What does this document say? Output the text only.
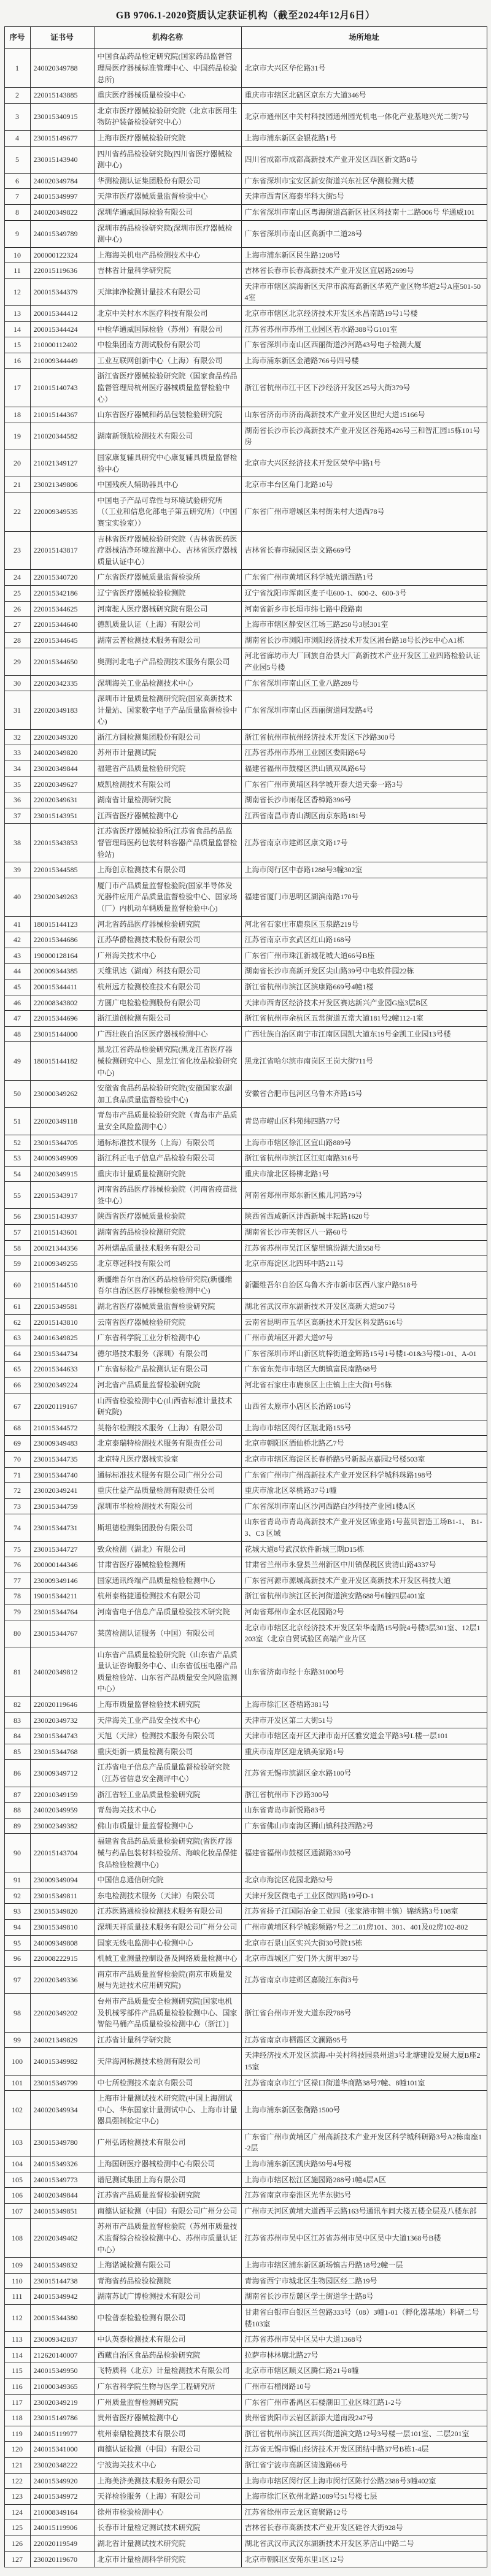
GB 9706.1-2020资质认定获证机构（截至2024年12月6日）
序号	证书号	机构名称	场所地址
1	240020349788	中国食品药品检定研究院(国家药品监督管理局医疗器械标准管理中心、中国药品检验总所)	北京市大兴区华佗路31号
2	220015143885	重庆医疗器械质量检验中心	重庆市市辖区北碚区京东方大道346号
3	230015340915	北京市医疗器械检验研究院（北京市医用生物防护装备检验研究中心）	北京市通州区中关村科技园通州园光机电一体化产业基地兴光二街7号
4	230015149677	上海市医疗器械检验研究院	上海市浦东新区金银花路1号
5	230015143940	四川省药品检验研究院(四川省医疗器械检测中心)	四川省成都市成都高新技术产业开发区西区新文路8号
6	240020349784	华测检测认证集团股份有限公司	广东省深圳市宝安区新安街道兴东社区华测检测大楼
7	240015349997	天津市医疗器械质量监督检验中心	天津市西青区海泰华科大街5号
8	240020349822	深圳华通威国际检验有限公司	广东省深圳市南山区粤海街道高新区社区科技南十二路006号 华通威101
9	240015349789	深圳市药品检验研究院(深圳市医疗器械检测中心)	广东省深圳市南山区高新中二道28号
10	200000122324	上海海关机电产品检测技术中心	上海市浦东新区民生路1208号
11	220015119636	吉林省计量科学研究院	吉林省长春市长春高新技术产业开发区宜居路2699号
12	200015344379	天津津净检测计量技术有限公司	天津市市辖区滨海新区天津市滨海高新区华苑产业区物华道2号A座501-504室
13	200015344412	北京中关村水木医疗科技有限公司	北京市市辖区北京经济技术开发区永昌南路19号1号楼
14	200015344424	中检华通威国际检验（苏州）有限公司	江苏省苏州市苏州工业园区若水路388号G101室
15	210000112402	中检集团南方测试股份有限公司	广东省深圳市南山区西丽街道沙河路43号电子检测大厦
16	210009344449	工业互联网创新中心（上海）有限公司	上海市浦东新区金港路766号四号楼
17	210015140743	浙江省医疗器械检验研究院（国家食品药品监督管理局杭州医疗器械质量监督检验中心）	浙江省杭州市江干区下沙经济开发区25号大街379号
18	210015144367	山东省医疗器械和药品包装检验研究院	山东省济南市济南高新技术产业开发区世纪大道15166号
19	210020344582	湖南新领航检测技术有限公司	湖南省长沙市长沙高新技术产业开发区谷苑路426号三和智汇园15栋101号房
20	210021349127	国家康复辅具研究中心康复辅具质量监督检验中心	北京市大兴区经济技术开发区荣华中路1号
21	230021349806	中国残疾人辅助器具中心	北京市丰台区角门北路10号
22	220009349535	中国电子产品可靠性与环境试验研究所（（工业和信息化部电子第五研究所）（中国赛宝实验室））	广东省广州市增城区朱村街朱村大道西78号
23	220015143817	吉林省医疗器械检验研究院（吉林省医药医疗器械洁净环境监测中心、吉林省医疗器械质量认证中心）	吉林省长春市绿园区崇文路669号
24	220015340720	广东省医疗器械质量监督检验所	广东省广州市黄埔区科学城光谱西路1号
25	220015342186	辽宁省医疗器械检验检测院	辽宁省沈阳市浑南区麦子屯600-1、600-2、600-3号
26	220015344625	河南驼人医疗器械研究院有限公司	河南省新乡市长垣市纬七路中段路南
27	220015344640	德凯质量认证（上海）有限公司	上海市市辖区静安区江场三路250号3层301室
28	220015344645	湖南云普检测技术服务有限公司	湖南省长沙市浏阳市浏阳经济技术开发区湘台路18号长沙E中心A1栋
29	220015344650	奥测河北电子产品检测技术服务有限公司	河北省廊坊市大厂回族自治县大厂高新技术产业开发区工业四路检验认证产业园5号楼
30	220020342335	深圳海关工业品检测技术中心	广东省深圳市南山区工业八路289号
31	220020349183	深圳市计量质量检测研究院(国家高新技术计量站、国家数字电子产品质量监督检验中心)	广东省深圳市南山区西丽街道同发路4号
32	220020349320	浙江方圆检测集团股份有限公司	浙江省杭州市杭州经济技术开发区下沙路300号
33	240020349820	苏州市计量测试院	江苏省苏州市苏州工业园区娄阳路6号
34	230020349844	福建省产品质量检验研究院	福建省福州市鼓楼区洪山镇双凤路6号
35	220020349627	威凯检测技术有限公司	广东省广州市黄埔区科学城开泰大道天泰一路3号
36	220020349631	湖南省计量检测研究院	湖南省长沙市雨花区香樟路396号
37	230015143951	江西省医疗器械检测中心	江西省南昌市青山湖区南京东路181号
38	220015343853	江苏省医疗器械检验所(江苏省食品药品监督管理局医药包装材料容器产品质量监督检验站)	江苏省南京市建邺区康文路17号
39	220015344585	上海创京检测技术有限公司	上海市闵行区中春路1288号3幢302室
40	230020349263	厦门市产品质量监督检验院(国家半导体发光器件应用产品质量监督检验中心、国家场（厂）内机动车辆质量监督检验中心)	福建省厦门市思明区湖滨南路170号
41	180015144123	河北省药品医疗器械检验研究院	河北省石家庄市鹿泉区玉泉路219号
42	220015344686	江苏华爵检测技术股份有限公司	江苏省南京市玄武区红山路168号
43	190000128164	广州海关技术中心	广东省广州市珠江新城花城大道66号B座
44	200009344385	天维讯达（湖南）科技有限公司	湖南省长沙市高新开发区尖山路39号中电软件园22栋
45	200015344411	杭州远方检测校准技术有限公司	浙江省杭州市滨江区滨康路669号4幢1楼
46	220008343802	方圆广电检验检测股份有限公司	天津市西青区经济技术开发区赛达新兴产业园G座3层B区
47	220015344696	浙江道创检测有限公司	浙江省杭州市余杭区五常街道五常大道181号2幢112-1室
48	230015144000	广西壮族自治区医疗器械检测中心	广西壮族自治区南宁市江南区国凯大道东19号金凯工业园13号楼
49	180015144182	黑龙江省药品检验研究院(黑龙江省医疗器械检测研究中心、黑龙江省化妆品检验研究中心)	黑龙江省哈尔滨市南岗区王岗大街711号
50	230000349262	安徽省食品药品检验研究院(安徽国家农副加工食品质量监督检验中心)	安徽省合肥市包河区乌鲁木齐路15号
51	220020349118	青岛市产品质量检验研究院（青岛市产品质量安全风险监测中心）	青岛市崂山区科苑纬四路77号
52	230015344705	通标标准技术服务（上海）有限公司	上海市市辖区徐汇区宜山路889号
53	240009349909	浙江科正电子信息产品检验有限公司	浙江省杭州市滨江区江虹南路316号
54	240020349915	重庆市计量质量检测研究院	重庆市渝北区杨柳北路1号
55	220015343917	河南省药品医疗器械检验院（河南省疫苗批签中心）	河南省郑州市郑东新区熊儿河路79号
56	230015143937	陕西省医疗器械质量检验院	陕西省西咸新区沣西新城丰耘路1620号
57	210015143601	湖南省药品检验检测研究院	湖南省长沙市芙蓉区八一路60号
58	200021344356	苏州熠品质量技术服务有限公司	江苏省苏州市吴江区黎里镇汾湖大道558号
59	210009349255	北京尊冠科技有限公司	北京市海淀区北四环中路211号
60	210015144510	新疆维吾尔自治区药品检验研究院(新疆维吾尔自治区医疗器械检验检测中心)	新疆维吾尔自治区乌鲁木齐市新市区西八家户路518号
61	220015349581	湖北省医疗器械质量监督检验研究院	湖北省武汉市东湖新技术开发区高新大道507号
62	220015143810	云南省医疗器械检验研究院	云南省昆明市五华区高新技术开发区科发路616号
63	240016349825	广东省科学院工业分析检测中心	广州市黄埔区开源大道97号
64	230015344734	德尔塔技术服务（深圳）有限公司	广东省深圳市坪山新区坑梓街道金辉路15号1号楼1-01&3号楼1-01、A-01
65	220015344633	广东省标检产品检测认证有限公司	广东省东莞市市辖区大朗镇富民南路68号
66	230020349224	河北省产品质量监督检验研究院	河北省石家庄市鹿泉区上庄镇上庄大街1号5栋
67	220020119167	山西省检验检测中心(山西省标准计量技术研究院)	山西省太原市小店区长治路106号
68	210015344572	英格尔检测技术服务（上海）有限公司	上海市市辖区闵行区瓶北路155号
69	230009349483	北京泰瑞特检测技术服务有限责任公司	北京市朝阳区酒仙桥北路乙7号
70	230015344735	北京特凡医疗器械实验室	北京市市辖区海淀区长春桥路5号新起点嘉园2号楼503室
71	230015344740	通标标准技术服务有限公司广州分公司	广东省广州市广州高新技术产业开发区科学城科珠路198号
72	230020349241	重庆仕益产品质量检测有限责任公司	重庆市渝北区翠桃路37号1幢
73	230015344759	深圳市华检检测技术有限公司	广东省深圳市南山区沙河西路白沙科技产业园1楼A区
74	230015344731	斯坦德检测集团股份有限公司	山东省青岛市青岛高新技术产业开发区锦业路1号蓝贝智造工场B1-1、 B1-3、C3 区域
75	230015344727	致众检测（湖北）有限公司	花城大道8号武汉软件新城三期D15栋
76	200000144346	甘肃省医疗器械检验检测所	甘肃省兰州市永登县兰州新区中川镇保税区贵清山路4337号
77	230009349146	国家通讯终端产品质量检验检测中心	广东省河源市源城高新技术产业开发区高新技术开发区科技大道
78	190015344211	杭州泰格捷通检测技术有限公司	浙江省杭州市滨江区长河街道滨安路688号6幢四层401室
79	230015344764	河南省电子信息产品质量检验技术研究院	河南省郑州市金水区花园路2号
80	230015344767	莱茵检测认证服务（中国）有限公司	北京市市辖区北京经济技术开发区荣华南路15号院4号楼3层301室、12层1203室（北京自贸试验区高端产业片区
81	240020349812	山东省产品质量检验研究院（山东省产品质量认证咨询服务中心、山东省低压电器产品质量检验站、山东省产品质量安全风险监测中心）	山东省济南市经十东路31000号
82	220020119646	上海市质量监督检验技术研究院	上海市徐汇区苍梧路381号
83	230020349732	天津海关工业产品安全技术中心	天津市开发区第二大街51号
84	230015344743	天旭（天津）检测技术服务有限公司	天津市市辖区南开区天津市南开区雅安道金平路3号L楼一层101
85	230015344768	重庆炬新一质量检测有限公司	重庆市南岸区迎龙镇美家路1号
86	230009349712	江苏省电子信息产品质量监督检验研究院（江苏省信息安全测评中心）	江苏省无锡市滨湖区金水路100号
87	220010349159	浙江省轻工业品质量检验研究院	浙江省杭州市下沙路300号
88	240020349959	青岛海关技术中心	山东省青岛市新悦路83号
89	230002349382	佛山市质量计量监督检测中心	广东省佛山市南海区狮山镇科技西路2号
90	220015143704	福建省食品药品质量检验研究院(省医疗器械与药品包装材料检验所、海峡化妆品保健食品检验检测中心)	福建省福州市鼓楼区通湖路330号
91	230009349094	中国信息通信研究院	北京市海淀区花园北路52号
92	230015349811	东电检测技术服务（天津）有限公司	天津开发区微电子工业区微四路19号D-1
93	230015349820	江苏医路通检验检测技术服务有限公司	江苏省扬子江国际冶金工业园（张家港市锦丰镇）锦绣路3号108室
94	230015349810	深圳天祥质量技术服务有限公司广州分公司	广州市黄埔区科学城彩频路7号之二01房101、301、401及02房102-802
95	240009349808	国家无线电监测中心检测中心	北京市石景山区实兴大街30号院15栋
96	220008222915	机械工业测量控制设备及网络质量检测中心	北京市西城区广安门外大街甲397号
97	220020349336	南京市产品质量监督检验院(南京市质量发展与先进技术应用研究院)	江苏省南京市建邺区嘉陵江东街3号
98	220020349202	台州市产品质量安全检测研究院[国家电机及机械零部件产品质量检验检测中心、国家智能马桶产品质量检验检测中心（浙江）]	浙江省台州市开发大道东段788号
99	240021349829	江苏省计量科学研究院	江苏省南京市栖霞区文澜路95号
100	240015349982	天津海河标测技术检测有限公司	天津经济技术开发区滨海-中关村科技园泉州道3号北塘建设发展大厦B座215室
101	230015349799	中七所检测技术南京有限公司	江苏省南京市江宁区禄口街道华商路38号7幢、8幢101室
102	240020349934	上海市计量测试技术研究院(中国上海测试中心、华东国家计量测试中心、上海市计量器具强制检定中心)	上海市浦东新区张衡路1500号
103	230015349780	广州弘诺检测技术有限公司	广东省广州市黄埔区广州高新技术产业开发区科学城科研路3号A2栋南座1-2层
104	240015349326	上海国研医疗器械检测中心有限公司	上海市浦东新区凯庆路59号4号楼
105	240015349773	谱尼测试集团上海有限公司	上海市市辖区松江区施园路288号1幢4层A区
106	240020349844	江苏省产品质量监督检验研究院	江苏省南京市秦淮区光华东街5号
107	240015349851	南德认证检测（中国）有限公司广州分公司	广州市天河区黄埔大道西平云路163号通讯车间大楼五楼全层及八楼东部
108	220020349462	苏州市产品质量监督检验院（苏州市质量技术监督综合检验检测中心、苏州市质量认证中心）	江苏省苏州市吴中区江苏省苏州市吴中区吴中大道1368号B楼
109	240015349832	上海诺诚检测有限公司	上海市市辖区浦东新区新场镇古丹路18号2幢一层
110	230015144738	青海省药品检验检测院	青海省西宁市城北区生物园区经二路19号
111	240015349942	湖南苏试广博检测技术有限公司	湖南省长沙市岳麓区学士街道学士路8号
112	200015344380	中检普泰检验检测有限公司	甘肃省白银市白银区兰包路333号（08）3幢1-01（孵化器基地）科研二号楼103室
113	230009342837	中认英泰检测技术有限公司	江苏省苏州市吴中区吴中大道1368号
114	212620140007	西藏自治区食品药品检验研究院	拉萨市林林廓北路27号
115	240015349950	飞特质科（北京）计量检测技术有限公司	北京市市辖区顺义区腾仁路21号8幢
116	210000349365	广东省科学院生物与医学工程研究所	广州市石榴岗路10号
117	230020349219	广州质量监督检测研究院	广东省广州市番禺区石楼潮田工业区珠江路1-2号
118	230015149786	贵州省医疗器械检测中心	贵州省贵阳市云岩区新添大道南段247号
119	240015119977	杭州泰鼎检测技术有限公司	浙江省杭州市滨江区西兴街道滨文路12号3号楼一层101室、二层201室
120	240015341000	南德认证检测（中国）有限公司	江苏省无锡市锡山经济技术开发区团结中路37号B栋1-4层
121	230020348222	宁波海关技术中心	浙江省宁波市高新区清逸路66号
122	240015349920	上海美济美测技术服务有限公司	上海市市辖区闵行区上海市闵行区陈行公路2388号3幢402室
123	240015349972	天祥检验服务（上海）有限公司	上海市徐汇区钦州北路1089号51号楼七层
124	210008349164	徐州市检验检测中心	江苏省徐州市云龙区商聚路12号
125	240015119906	长春市计量检定测试技术研究院	吉林省长春市高新技术产业开发区硅谷大街928号
126	220020119549	湖北省计量测试技术研究院	湖北省武汉市武汉东湖新技术开发区茅店山中路二号
127	230020119670	北京市计量检测科学研究院	北京市朝阳区安苑东里1区12号
